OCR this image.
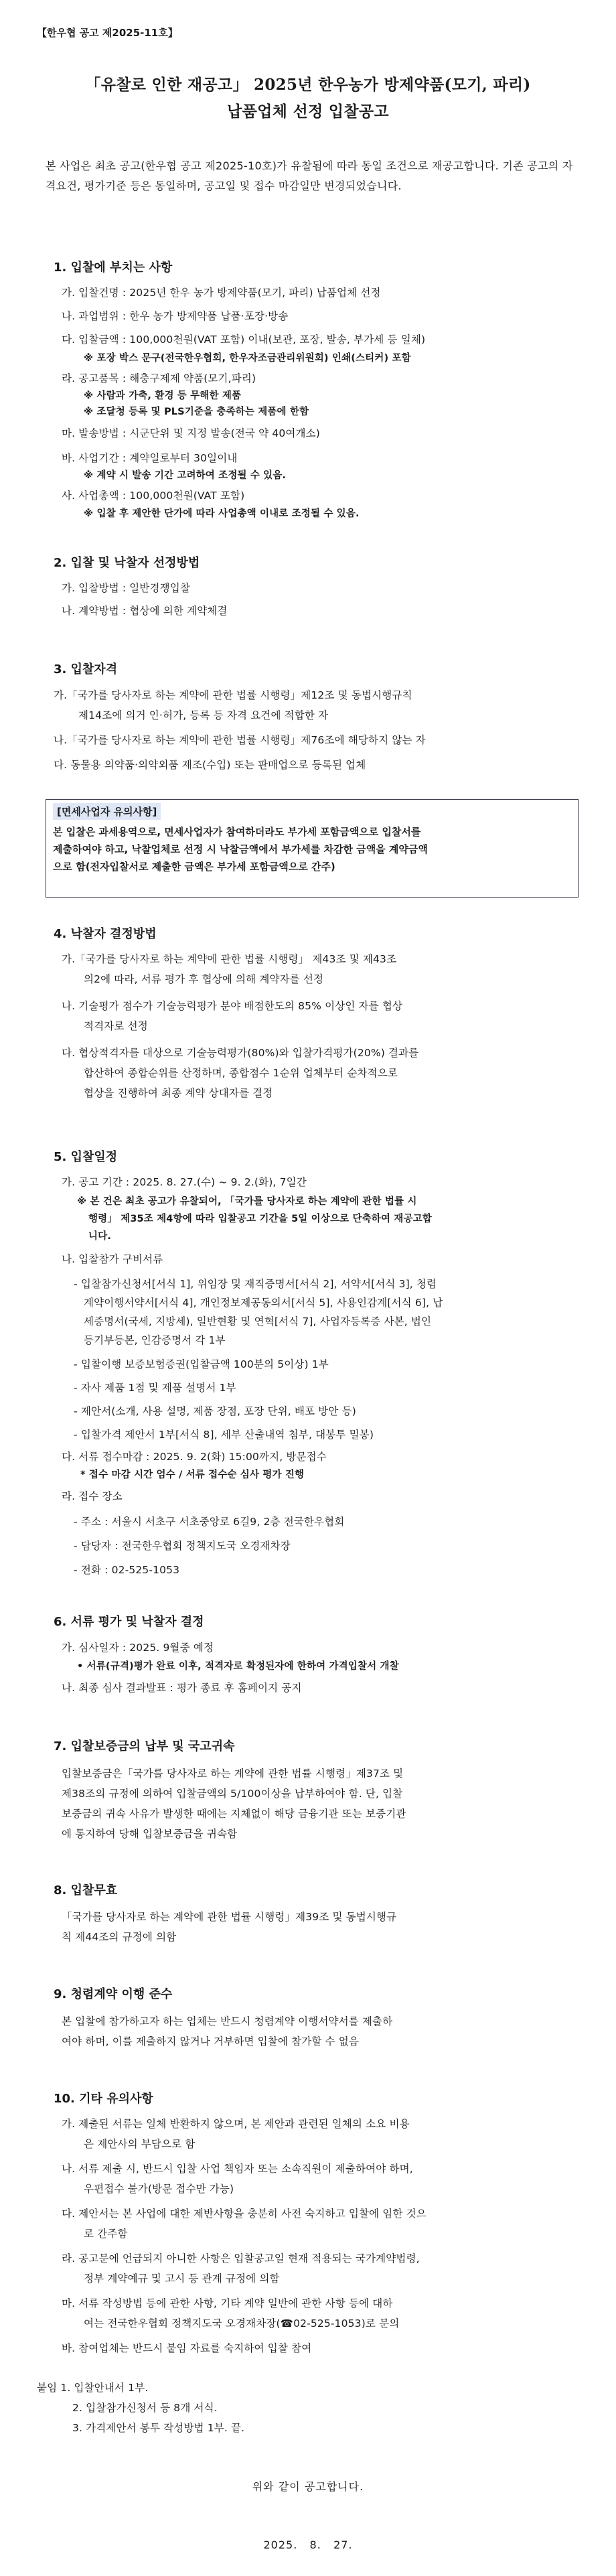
【한우협 공고 제2025-11호】
「유찰로 인한 재공고」 2025년 한우농가 방제약품(모기, 파리)
납품업체 선정 입찰공고
본 사업은 최초 공고(한우협 공고 제2025-10호)가 유찰됨에 따라 동일 조건으로 재공고합니다. 기존 공고의 자격요건, 평가기준 등은 동일하며, 공고일 및 접수 마감일만 변경되었습니다.
1. 입찰에 부치는 사항
가. 입찰건명 : 2025년 한우 농가 방제약품(모기, 파리) 납품업체 선정
나. 과업범위 : 한우 농가 방제약품 납품·포장·방송
다. 입찰금액 : 100,000천원(VAT 포함) 이내(보관, 포장, 발송, 부가세 등 일체)
※ 포장 박스 문구(전국한우협회, 한우자조금관리위원회) 인쇄(스티커) 포함
라. 공고품목 : 해충구제제 약품(모기,파리)
※ 사람과 가축, 환경 등 무해한 제품
※ 조달청 등록 및 PLS기준을 충족하는 제품에 한함
마. 발송방법 : 시군단위 및 지정 발송(전국 약 40여개소)
바. 사업기간 : 계약일로부터 30일이내
※ 계약 시 발송 기간 고려하여 조정될 수 있음.
사. 사업총액 : 100,000천원(VAT 포함)
※ 입찰 후 제안한 단가에 따라 사업총액 이내로 조정될 수 있음.
2. 입찰 및 낙찰자 선정방법
가. 입찰방법 : 일반경쟁입찰
나. 계약방법 : 협상에 의한 계약체결
3. 입찰자격
가.「국가를 당사자로 하는 계약에 관한 법률 시행령」제12조 및 동법시행규칙
제14조에 의거 인·허가, 등록 등 자격 요건에 적합한 자
나.「국가를 당사자로 하는 계약에 관한 법률 시행령」제76조에 해당하지 않는 자
다. 동물용 의약품·의약외품 제조(수입) 또는 판매업으로 등록된 업체
[면세사업자 유의사항]
본 입찰은 과세용역으로, 면세사업자가 참여하더라도 부가세 포함금액으로 입찰서를
제출하여야 하고, 낙찰업체로 선정 시 낙찰금액에서 부가세를 차감한 금액을 계약금액
으로 함(전자입찰서로 제출한 금액은 부가세 포함금액으로 간주)
4. 낙찰자 결정방법
가.「국가를 당사자로 하는 계약에 관한 법률 시행령」 제43조 및 제43조
의2에 따라, 서류 평가 후 협상에 의해 계약자를 선정
나. 기술평가 점수가 기술능력평가 분야 배점한도의 85% 이상인 자를 협상
적격자로 선정
다. 협상적격자를 대상으로 기술능력평가(80%)와 입찰가격평가(20%) 결과를
합산하여 종합순위를 산정하며, 종합점수 1순위 업체부터 순차적으로
협상을 진행하여 최종 계약 상대자를 결정
5. 입찰일정
가. 공고 기간 : 2025. 8. 27.(수) ~ 9. 2.(화), 7일간
※ 본 건은 최초 공고가 유찰되어, 「국가를 당사자로 하는 계약에 관한 법률 시
행령」 제35조 제4항에 따라 입찰공고 기간을 5일 이상으로 단축하여 재공고합
니다.
나. 입찰참가 구비서류
- 입찰참가신청서[서식 1], 위임장 및 재직증명서[서식 2], 서약서[서식 3], 청렴
계약이행서약서[서식 4], 개인정보제공동의서[서식 5], 사용인감계[서식 6], 납
세증명서(국세, 지방세), 일반현황 및 연혁[서식 7], 사업자등록증 사본, 법인
등기부등본, 인감증명서 각 1부
- 입찰이행 보증보험증권(입찰금액 100분의 5이상) 1부
- 자사 제품 1점 및 제품 설명서 1부
- 제안서(소개, 사용 설명, 제품 장점, 포장 단위, 배포 방안 등)
- 입찰가격 제안서 1부[서식 8], 세부 산출내역 첨부, 대봉투 밀봉)
다. 서류 접수마감 : 2025. 9. 2(화) 15:00까지, 방문접수
* 접수 마감 시간 엄수 / 서류 접수순 심사 평가 진행
라. 접수 장소
- 주소 : 서울시 서초구 서초중앙로 6길9, 2층 전국한우협회
- 담당자 : 전국한우협회 정책지도국 오경재차장
- 전화 : 02-525-1053
6. 서류 평가 및 낙찰자 결정
가. 심사일자 : 2025. 9월중 예정
• 서류(규격)평가 완료 이후, 적격자로 확정된자에 한하여 가격입찰서 개찰
나. 최종 심사 결과발표 : 평가 종료 후 홈페이지 공지
7. 입찰보증금의 납부 및 국고귀속
입찰보증금은「국가를 당사자로 하는 계약에 관한 법률 시행령」제37조 및
제38조의 규정에 의하여 입찰금액의 5/100이상을 납부하여야 함. 단, 입찰
보증금의 귀속 사유가 발생한 때에는 지체없이 해당 금융기관 또는 보증기관
에 통지하여 당해 입찰보증금을 귀속함
8. 입찰무효
「국가를 당사자로 하는 계약에 관한 법률 시행령」제39조 및 동법시행규
칙 제44조의 규정에 의함
9. 청렴계약 이행 준수
본 입찰에 참가하고자 하는 업체는 반드시 청렴계약 이행서약서를 제출하
여야 하며, 이를 제출하지 않거나 거부하면 입찰에 참가할 수 없음
10. 기타 유의사항
가. 제출된 서류는 일체 반환하지 않으며, 본 제안과 관련된 일체의 소요 비용
은 제안사의 부담으로 함
나. 서류 제출 시, 반드시 입찰 사업 책임자 또는 소속직원이 제출하여야 하며,
우편접수 불가(방문 접수만 가능)
다. 제안서는 본 사업에 대한 제반사항을 충분히 사전 숙지하고 입찰에 임한 것으
로 간주함
라. 공고문에 언급되지 아니한 사항은 입찰공고일 현재 적용되는 국가계약법령,
정부 계약예규 및 고시 등 관계 규정에 의함
마. 서류 작성방법 등에 관한 사항, 기타 계약 일반에 관한 사항 등에 대하
여는 전국한우협회 정책지도국 오경재차장(☎02-525-1053)로 문의
바. 참여업체는 반드시 붙임 자료를 숙지하여 입찰 참여
붙임 1. 입찰안내서 1부.
2. 입찰참가신청서 등 8개 서식.
3. 가격제안서 봉투 작성방법 1부. 끝.
위와 같이 공고합니다.
2025.   8.   27.
